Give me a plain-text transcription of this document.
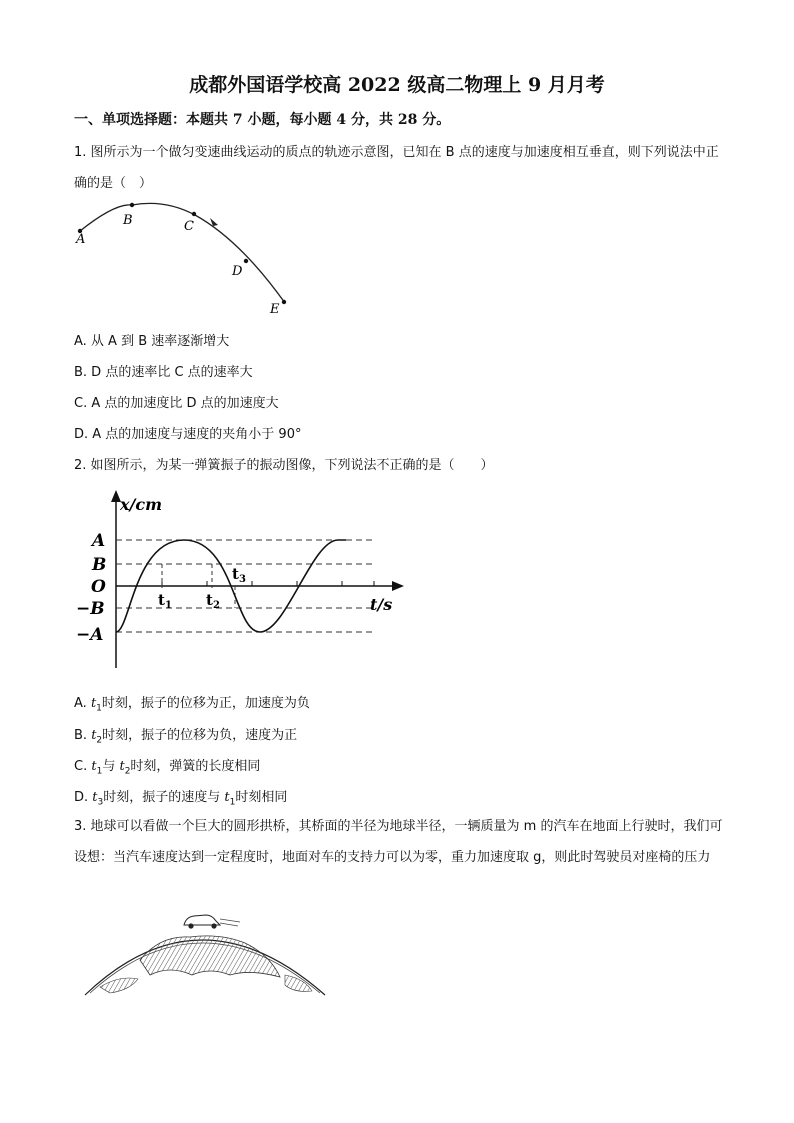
成都外国语学校高 2022 级高二物理上 9 月月考
一、单项选择题：本题共 7 小题，每小题 4 分，共 28 分。
1. 图所示为一个做匀变速曲线运动的质点的轨迹示意图，已知在 B 点的速度与加速度相互垂直，则下列说法中正确的是（　）
A
B	C
D
E
A. 从 A 到 B 速率逐渐增大
B. D 点的速率比 C 点的速率大
C. A 点的加速度比 D 点的加速度大
D. A 点的加速度与速度的夹角小于 90°
2. 如图所示，为某一弹簧振子的振动图像，下列说法不正确的是（　　）
x/cm
A
B
O
−B
−A
t/s
$t_1$ $t_2$
$t_3$
A. $t_1$时刻，振子的位移为正，加速度为负
B. $t_2$时刻，振子的位移为负，速度为正
C. $t_1$与 $t_2$时刻，弹簧的长度相同
D. $t_3$时刻，振子的速度与 $t_1$时刻相同
3. 地球可以看做一个巨大的圆形拱桥，其桥面的半径为地球半径，一辆质量为 m 的汽车在地面上行驶时，我们可设想：当汽车速度达到一定程度时，地面对车的支持力可以为零，重力加速度取 g，则此时驾驶员对座椅的压力
